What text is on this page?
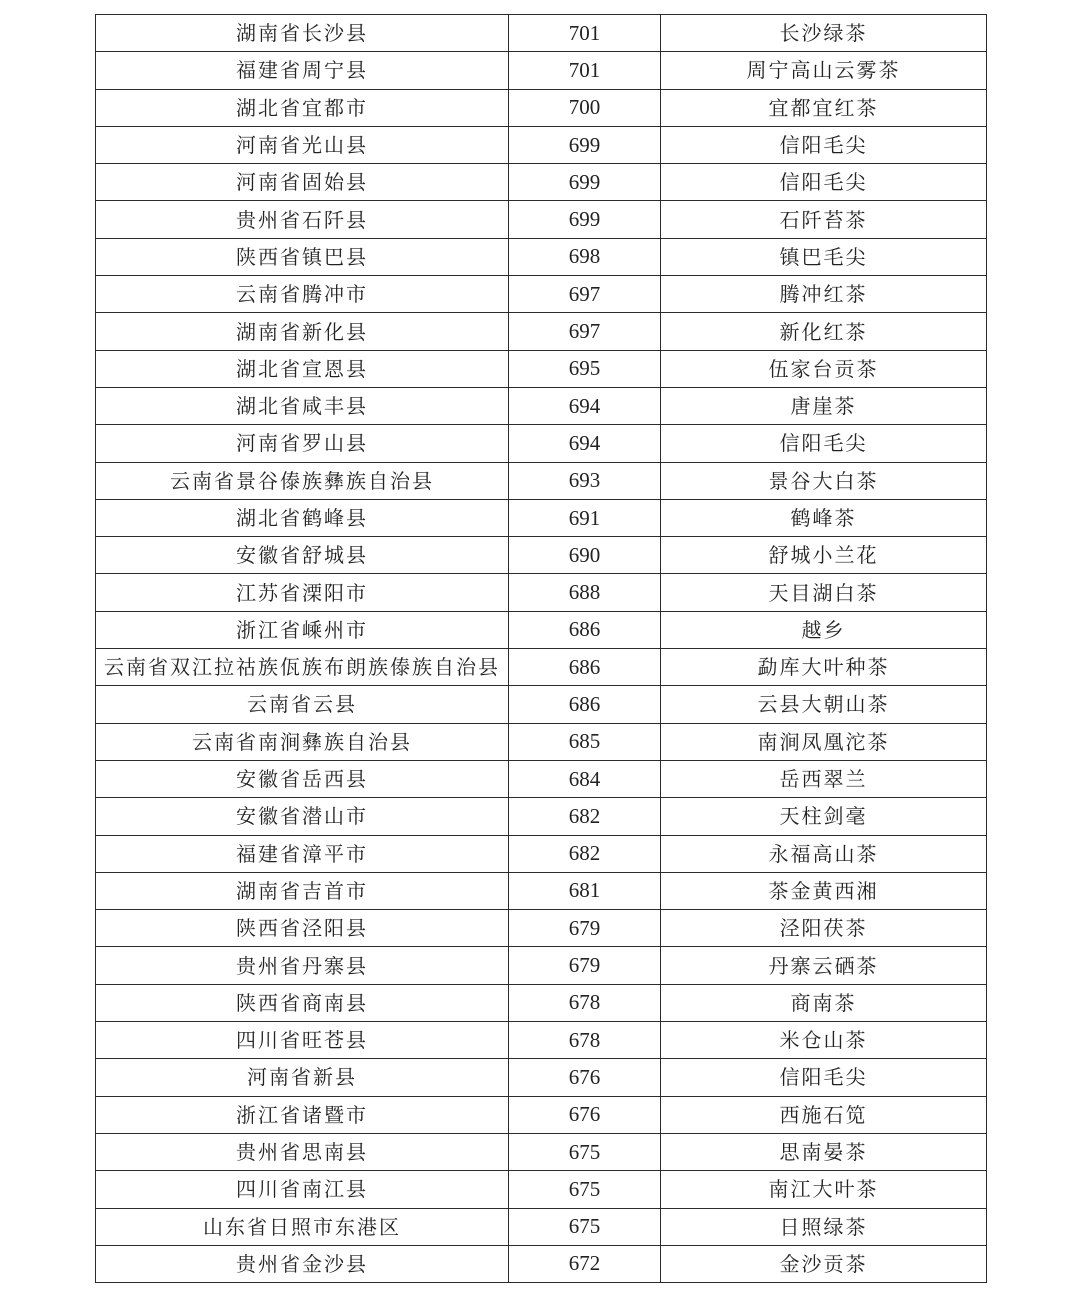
湖南省长沙县	701	长沙绿茶
福建省周宁县	701	周宁高山云雾茶
湖北省宜都市	700	宜都宜红茶
河南省光山县	699	信阳毛尖
河南省固始县	699	信阳毛尖
贵州省石阡县	699	石阡苔茶
陕西省镇巴县	698	镇巴毛尖
云南省腾冲市	697	腾冲红茶
湖南省新化县	697	新化红茶
湖北省宣恩县	695	伍家台贡茶
湖北省咸丰县	694	唐崖茶
河南省罗山县	694	信阳毛尖
云南省景谷傣族彝族自治县	693	景谷大白茶
湖北省鹤峰县	691	鹤峰茶
安徽省舒城县	690	舒城小兰花
江苏省溧阳市	688	天目湖白茶
浙江省嵊州市	686	越乡
云南省双江拉祜族佤族布朗族傣族自治县	686	勐库大叶种茶
云南省云县	686	云县大朝山茶
云南省南涧彝族自治县	685	南涧凤凰沱茶
安徽省岳西县	684	岳西翠兰
安徽省潜山市	682	天柱剑毫
福建省漳平市	682	永福高山茶
湖南省吉首市	681	茶金黄西湘
陕西省泾阳县	679	泾阳茯茶
贵州省丹寨县	679	丹寨云硒茶
陕西省商南县	678	商南茶
四川省旺苍县	678	米仓山茶
河南省新县	676	信阳毛尖
浙江省诸暨市	676	西施石笕
贵州省思南县	675	思南晏茶
四川省南江县	675	南江大叶茶
山东省日照市东港区	675	日照绿茶
贵州省金沙县	672	金沙贡茶
